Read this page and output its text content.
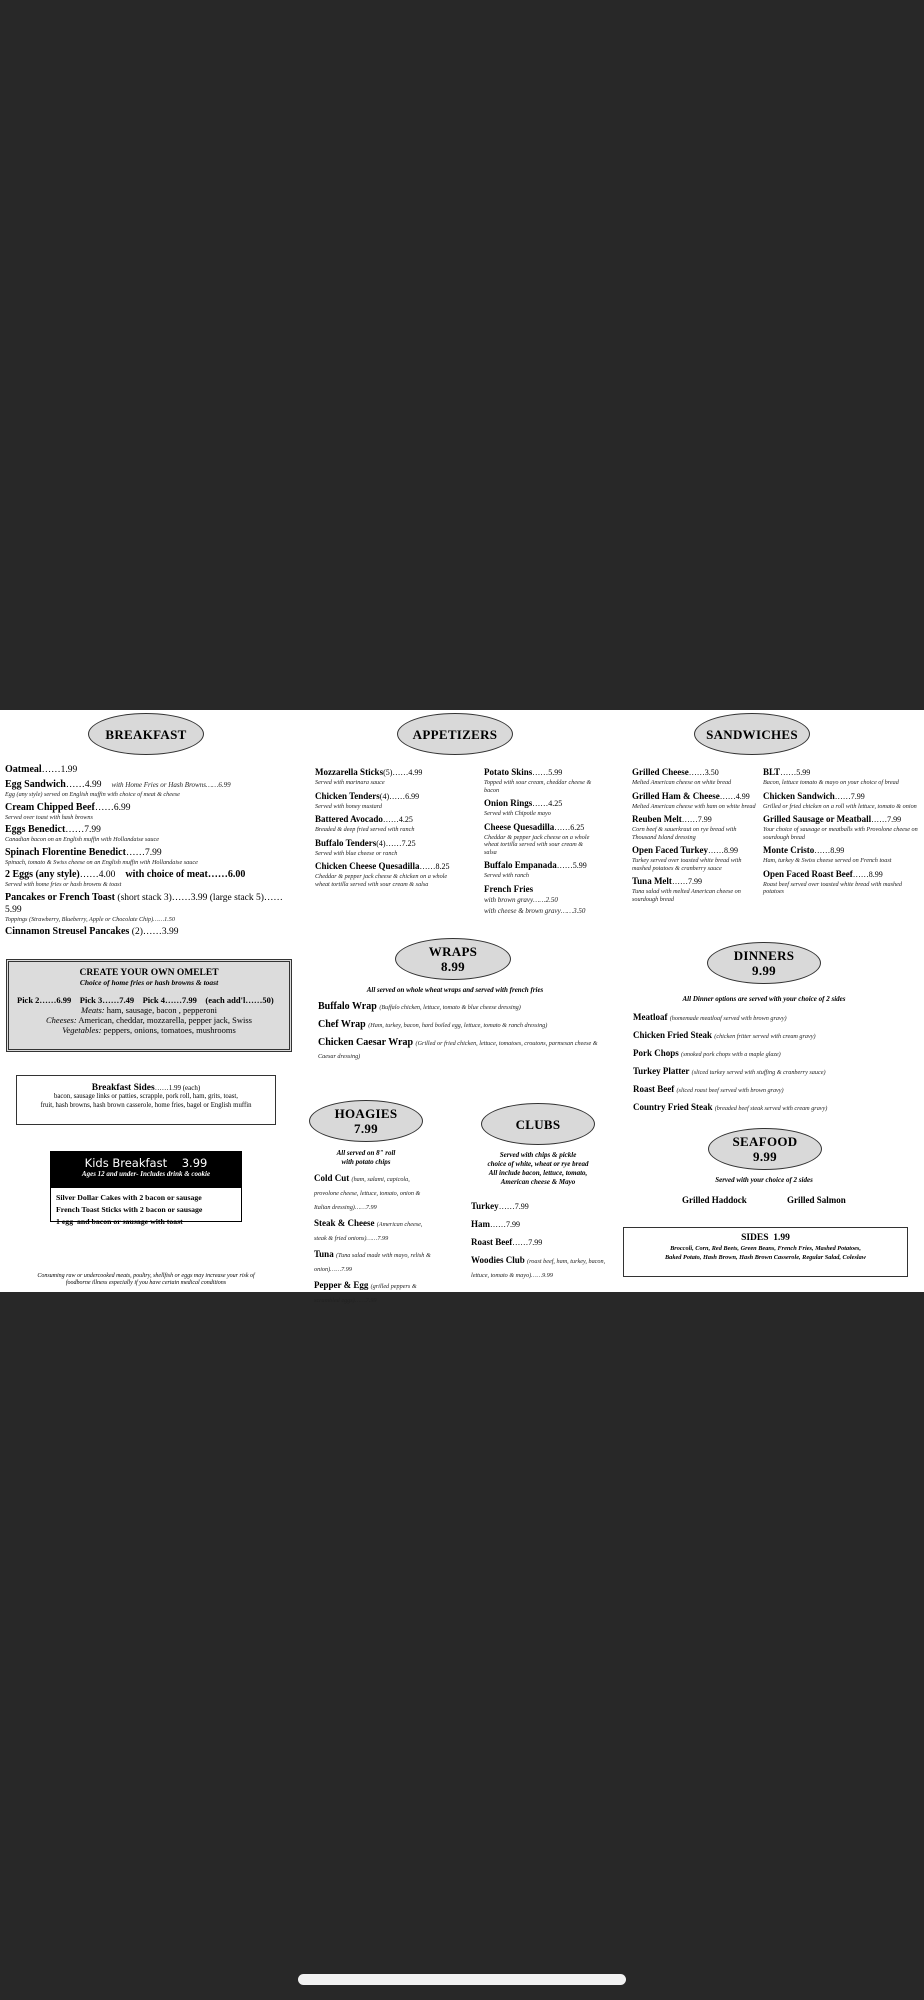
BREAKFAST
Oatmeal……1.99
Egg Sandwich……4.99 with Home Fries or Hash Browns……6.99
Egg (any style) served on English muffin with choice of meat & cheese
Cream Chipped Beef……6.99
Served over toast with hash browns
Eggs Benedict……7.99
Canadian bacon on an English muffin with Hollandaise sauce
Spinach Florentine Benedict……7.99
Spinach, tomato & Swiss cheese on an English muffin with Hollandaise sauce
2 Eggs (any style)……4.00 with choice of meat……6.00
Served with home fries or hash browns & toast
Pancakes or French Toast (short stack 3)……3.99 (large stack 5)……5.99
Toppings (Strawberry, Blueberry, Apple or Chocolate Chip)……1.50
Cinnamon Streusel Pancakes (2)……3.99
CREATE YOUR OWN OMELET
Choice of home fries or hash browns & toast
Pick 2……6.99    Pick 3……7.49    Pick 4……7.99    (each add'l……50)
Meats: ham, sausage, bacon , pepperoni
Cheeses: American, cheddar, mozzarella, pepper jack, Swiss
Vegetables: peppers, onions, tomatoes, mushrooms
Breakfast Sides……1.99 (each)
bacon, sausage links or patties, scrapple, pork roll, ham, grits, toast,
fruit, hash browns, hash brown casserole, home fries, bagel or English muffin
Kids Breakfast 3.99
Ages 12 and under- Includes drink & cookie
Silver Dollar Cakes with 2 bacon or sausage
French Toast Sticks with 2 bacon or sausage
1 egg  and bacon or sausage with toast
Consuming raw or undercooked meats, poultry, shellfish or eggs may increase your risk of
foodborne illness especially if you have certain medical conditions
APPETIZERS
Mozzarella Sticks(5)……4.99
Served with marinara sauce
Chicken Tenders(4)……6.99
Served with honey mustard
Battered Avocado……4.25
Breaded & deep fried served with ranch
Buffalo Tenders(4)……7.25
Served with blue cheese or ranch
Chicken Cheese Quesadilla……8.25
Cheddar & pepper jack cheese & chicken on a whole wheat tortilla served with sour cream & salsa
Potato Skins……5.99
Topped with sour cream, cheddar cheese & bacon
Onion Rings……4.25
Served with Chipotle mayo
Cheese Quesadilla……6.25
Cheddar & pepper jack cheese on a whole wheat tortilla served with sour cream & salsa
Buffalo Empanada……5.99
Served with ranch
French Fries
with brown gravy……2.50
with cheese & brown gravy……3.50
WRAPS
8.99
All served on whole wheat wraps and served with french fries
Buffalo Wrap (Buffalo chicken, lettuce, tomato & blue cheese dressing)
Chef Wrap (Ham, turkey, bacon, hard boiled egg, lettuce, tomato & ranch dressing)
Chicken Caesar Wrap (Grilled or fried chicken, lettuce, tomatoes, croutons, parmesan cheese & Caesar dressing)
HOAGIES
7.99
All served on 8" roll
with potato chips
Cold Cut (ham, salami, capicola, provolone cheese, lettuce, tomato, onion & Italian dressing)……7.99
Steak & Cheese (American cheese, steak & fried onions)……7.99
Tuna (Tuna salad made with mayo, relish & onion)……7.99
Pepper & Egg (grilled peppers & scrambled eggs)……7.99
CLUBS
Served with chips & pickle
choice of white, wheat or rye bread
All include bacon, lettuce, tomato,
American cheese & Mayo
Turkey……7.99
Ham……7.99
Roast Beef……7.99
Woodies Club (roast beef, ham, turkey, bacon, lettuce, tomato & mayo)……9.99
SANDWICHES
Grilled Cheese……3.50
Melted American cheese on white bread
Grilled Ham & Cheese……4.99
Melted American cheese with ham on white bread
Reuben Melt……7.99
Corn beef & sauerkraut on rye bread with Thousand Island dressing
Open Faced Turkey……8.99
Turkey served over toasted white bread with mashed potatoes & cranberry sauce
Tuna Melt……7.99
Tuna salad with melted American cheese on sourdough bread
BLT……5.99
Bacon, lettuce tomato & mayo on your choice of bread
Chicken Sandwich……7.99
Grilled or fried chicken on a roll with lettuce, tomato & onion
Grilled Sausage or Meatball……7.99
Your choice of sausage or meatballs with Provolone cheese on sourdough bread
Monte Cristo……8.99
Ham, turkey & Swiss cheese served on French toast
Open Faced Roast Beef……8.99
Roast beef served over toasted white bread with mashed potatoes
DINNERS
9.99
All Dinner options are served with your choice of 2 sides
Meatloaf (homemade meatloaf served with brown gravy)
Chicken Fried Steak (chicken fritter served with cream gravy)
Pork Chops (smoked pork chops with a maple glaze)
Turkey Platter (sliced turkey served with stuffing & cranberry sauce)
Roast Beef (sliced roast beef served with brown gravy)
Country Fried Steak (breaded beef steak served with cream gravy)
SEAFOOD
9.99
Served with your choice of 2 sides
Grilled Haddock	Grilled Salmon
SIDES 1.99
Broccoli, Corn, Red Beets, Green Beans, French Fries, Mashed Potatoes,
Baked Potato, Hash Brown, Hash Brown Casserole, Regular Salad, Coleslaw
